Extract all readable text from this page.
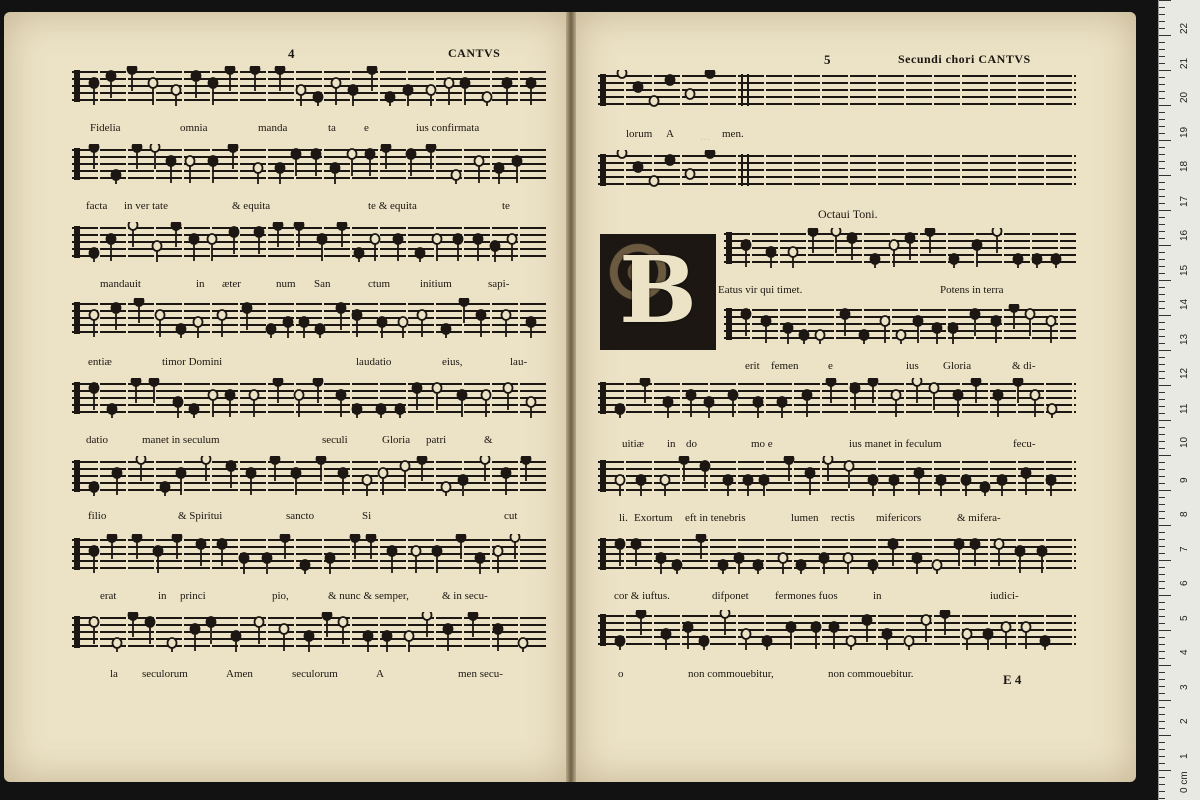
4	CANTVS	5	Secundi chori CANTVS
Octaui Toni.
E 4
B
…
Fidelia	omnia	manda	ta	e	ius confirmata
facta in ver tate	& equita	te & equita	te
mandauit	in æter	num San	ctum	initium	sapi-
entiæ	timor Domini	laudatio	eius,	lau-
datio	manet in seculum	seculi	Gloria patri	&
filio	& Spiritui	sancto	Si	cut
erat	in princi	pio,	& nunc & semper,	& in secu-
la seculorum	Amen	seculorum	A	men secu-
lorum A	men.
Eatus vir qui timet.	Potens in terra
erit femen	e	ius Gloria	& di-
uitiæ in do	mo e	ius manet in feculum	fecu-
li. Exortum eft in tenebris	lumen rectis mifericors	& mifera-
cor & iuftus.	difponet fermones fuos	in	iudici-
o	non commouebitur,	non commouebitur.
22
21
20
19
18
17
16
15
14
13
12
11
10
9
8
7
6
5
4
3
2
1
0 cm
